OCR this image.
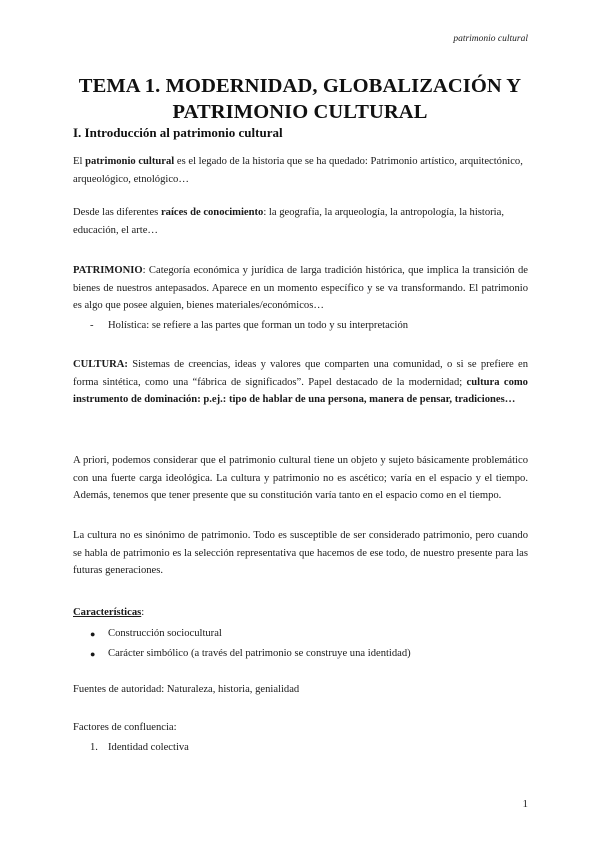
patrimonio cultural
TEMA 1. MODERNIDAD, GLOBALIZACIÓN Y
PATRIMONIO CULTURAL
I. Introducción al patrimonio cultural
El patrimonio cultural es el legado de la historia que se ha quedado: Patrimonio artístico, arquitectónico, arqueológico, etnológico…
Desde las diferentes raíces de conocimiento: la geografía, la arqueología, la antropología, la historia, educación, el arte…
PATRIMONIO: Categoría económica y jurídica de larga tradición histórica, que implica la transición de bienes de nuestros antepasados. Aparece en un momento específico y se va transformando. El patrimonio es algo que posee alguien, bienes materiales/económicos…
- Holística: se refiere a las partes que forman un todo y su interpretación
CULTURA: Sistemas de creencias, ideas y valores que comparten una comunidad, o si se prefiere en forma sintética, como una “fábrica de significados”. Papel destacado de la modernidad; cultura como instrumento de dominación: p.ej.: tipo de hablar de una persona, manera de pensar, tradiciones…
A priori, podemos considerar que el patrimonio cultural tiene un objeto y sujeto básicamente problemático con una fuerte carga ideológica. La cultura y patrimonio no es ascético; varía en el espacio y el tiempo. Además, tenemos que tener presente que su constitución varía tanto en el espacio como en el tiempo.
La cultura no es sinónimo de patrimonio. Todo es susceptible de ser considerado patrimonio, pero cuando se habla de patrimonio es la selección representativa que hacemos de ese todo, de nuestro presente para las futuras generaciones.
Características:
● Construcción sociocultural
● Carácter simbólico (a través del patrimonio se construye una identidad)
Fuentes de autoridad: Naturaleza, historia, genialidad
Factores de confluencia:
1. Identidad colectiva
1
